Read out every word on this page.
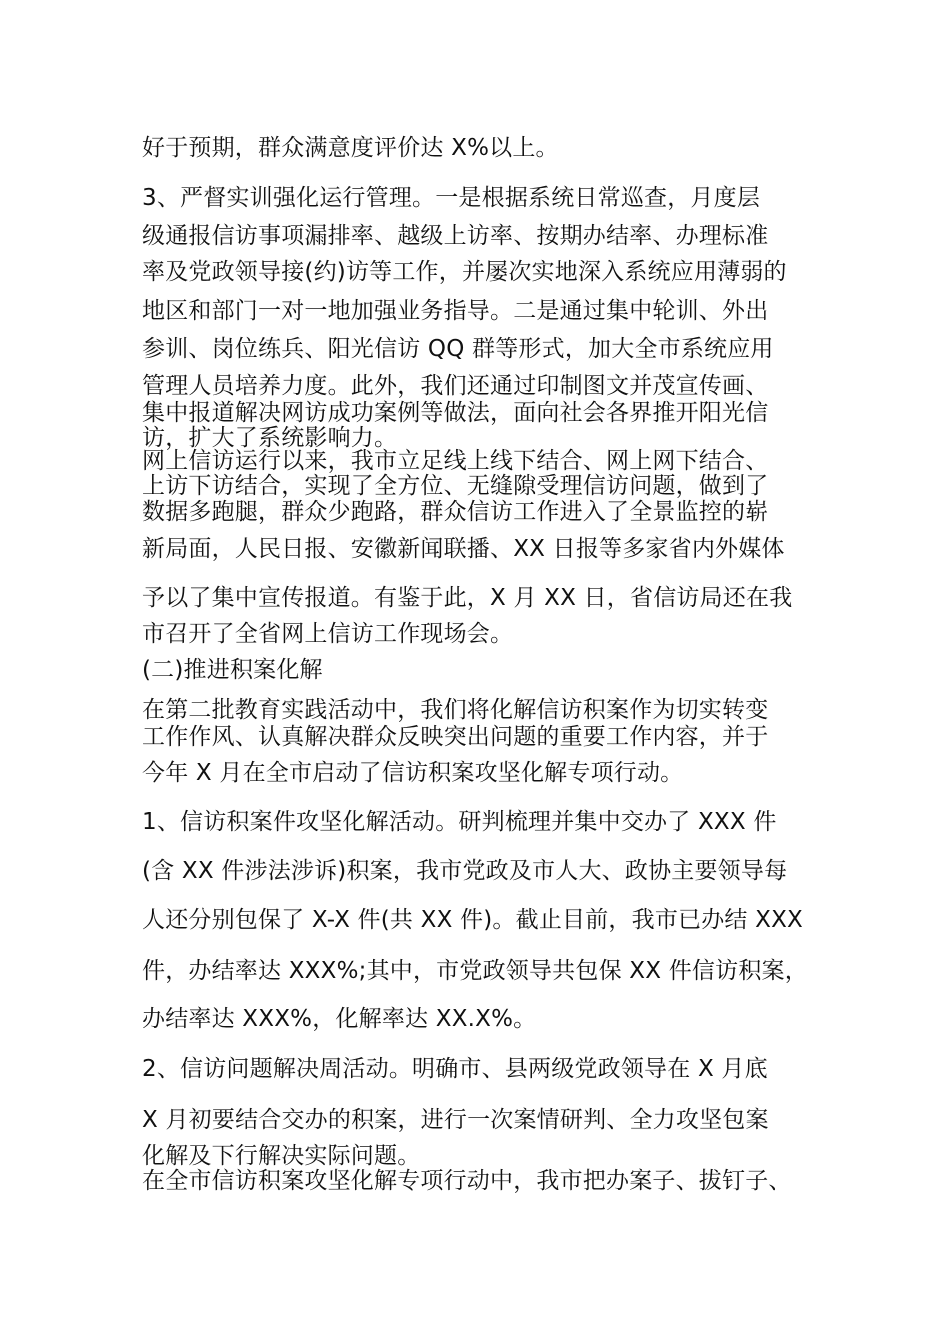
好于预期，群众满意度评价达 X%以上。
3、严督实训强化运行管理。一是根据系统日常巡查，月度层
级通报信访事项漏排率、越级上访率、按期办结率、办理标准
率及党政领导接(约)访等工作，并屡次实地深入系统应用薄弱的
地区和部门一对一地加强业务指导。二是通过集中轮训、外出
参训、岗位练兵、阳光信访 QQ 群等形式，加大全市系统应用
管理人员培养力度。此外，我们还通过印制图文并茂宣传画、
集中报道解决网访成功案例等做法，面向社会各界推开阳光信
访，扩大了系统影响力。
网上信访运行以来，我市立足线上线下结合、网上网下结合、
上访下访结合，实现了全方位、无缝隙受理信访问题，做到了
数据多跑腿，群众少跑路，群众信访工作进入了全景监控的崭
新局面，人民日报、安徽新闻联播、XX 日报等多家省内外媒体
予以了集中宣传报道。有鉴于此，X 月 XX 日，省信访局还在我
市召开了全省网上信访工作现场会。
(二)推进积案化解
在第二批教育实践活动中，我们将化解信访积案作为切实转变
工作作风、认真解决群众反映突出问题的重要工作内容，并于
今年 X 月在全市启动了信访积案攻坚化解专项行动。
1、信访积案件攻坚化解活动。研判梳理并集中交办了 XXX 件
(含 XX 件涉法涉诉)积案，我市党政及市人大、政协主要领导每
人还分别包保了 X-X 件(共 XX 件)。截止目前，我市已办结 XXX
件，办结率达 XXX%;其中，市党政领导共包保 XX 件信访积案，
办结率达 XXX%，化解率达 XX.X%。
2、信访问题解决周活动。明确市、县两级党政领导在 X 月底
X 月初要结合交办的积案，进行一次案情研判、全力攻坚包案
化解及下行解决实际问题。
在全市信访积案攻坚化解专项行动中，我市把办案子、拔钉子、
